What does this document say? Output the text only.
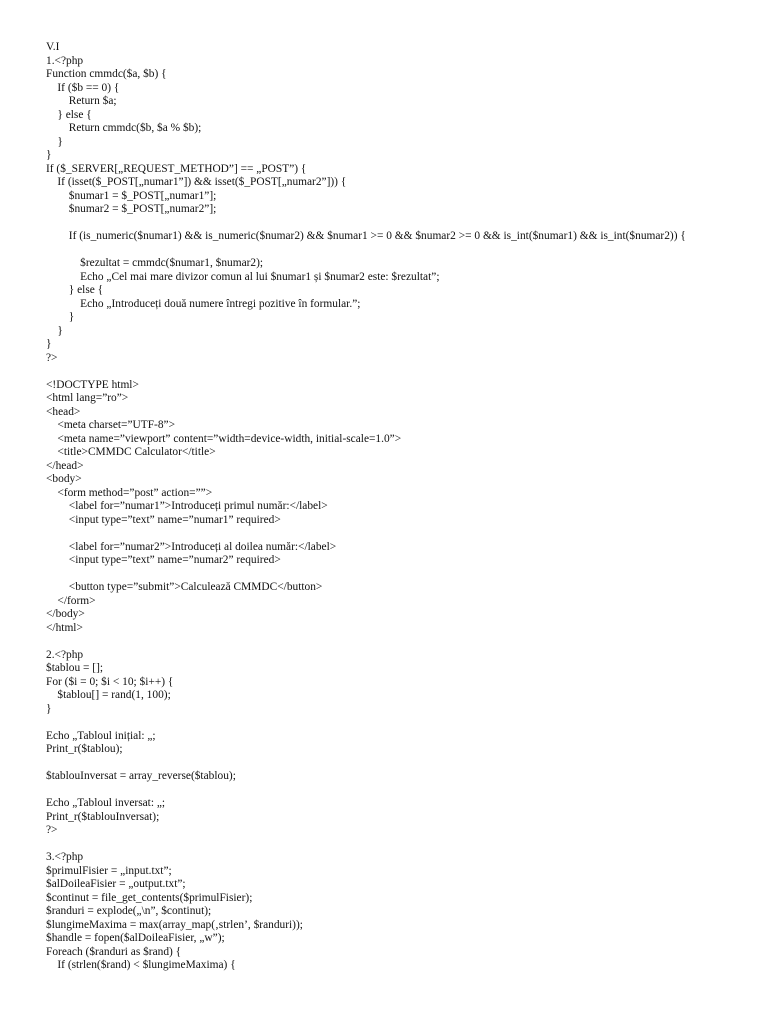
V.I
1.<?php
Function cmmdc($a, $b) {
If ($b == 0) {
Return $a;
} else {
Return cmmdc($b, $a % $b);
}
}
If ($_SERVER[„REQUEST_METHOD”] == „POST”) {
If (isset($_POST[„numar1”]) && isset($_POST[„numar2”])) {
$numar1 = $_POST[„numar1”];
$numar2 = $_POST[„numar2”];
If (is_numeric($numar1) && is_numeric($numar2) && $numar1 >= 0 && $numar2 >= 0 && is_int($numar1) && is_int($numar2)) {
$rezultat = cmmdc($numar1, $numar2);
Echo „Cel mai mare divizor comun al lui $numar1 și $numar2 este: $rezultat”;
} else {
Echo „Introduceți două numere întregi pozitive în formular.”;
}
}
}
?>
<!DOCTYPE html>
<html lang=”ro”>
<head>
<meta charset=”UTF-8”>
<meta name=”viewport” content=”width=device-width, initial-scale=1.0”>
<title>CMMDC Calculator</title>
</head>
<body>
<form method=”post” action=””>
<label for=”numar1”>Introduceți primul număr:</label>
<input type=”text” name=”numar1” required>
<label for=”numar2”>Introduceți al doilea număr:</label>
<input type=”text” name=”numar2” required>
<button type=”submit”>Calculează CMMDC</button>
</form>
</body>
</html>
2.<?php
$tablou = [];
For ($i = 0; $i < 10; $i++) {
$tablou[] = rand(1, 100);
}
Echo „Tabloul inițial: „;
Print_r($tablou);
$tablouInversat = array_reverse($tablou);
Echo „Tabloul inversat: „;
Print_r($tablouInversat);
?>
3.<?php
$primulFisier = „input.txt”;
$alDoileaFisier = „output.txt”;
$continut = file_get_contents($primulFisier);
$randuri = explode(„\n”, $continut);
$lungimeMaxima = max(array_map(‚strlen’, $randuri));
$handle = fopen($alDoileaFisier, „w”);
Foreach ($randuri as $rand) {
If (strlen($rand) < $lungimeMaxima) {
